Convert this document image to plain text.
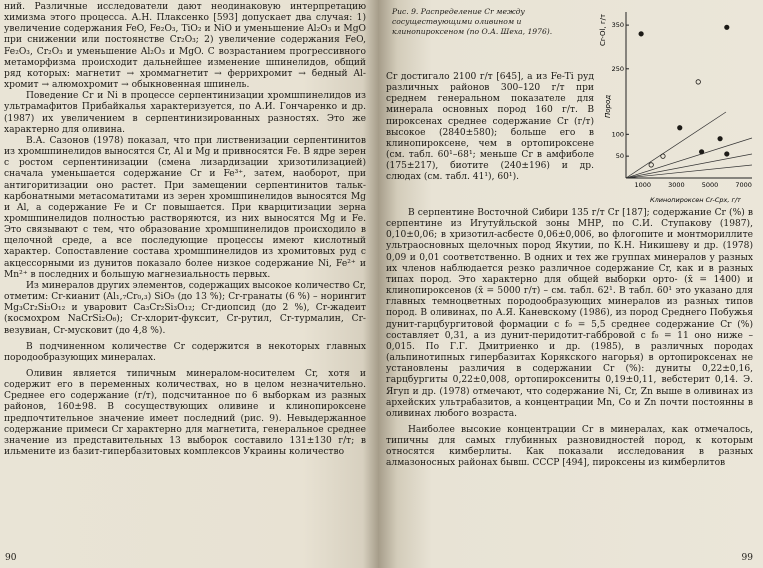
ний. Различные исследователи дают неодинаковую интерпретацию химизма этого процесса. А.Н. Плаксенко [593] допускает два случая: 1) увеличение содержания FeO, Fe₂O₃, TiO₂ и NiO и уменьшение Al₂O₃ и MgO при снижении или постоянстве Cr₂O₃; 2) увеличение содержания FeO, Fe₂O₃, Cr₂O₃ и уменьшение Al₂O₃ и MgO. С возрастанием прогрессивного метаморфизма происходит дальнейшее изменение шпинелидов, общий ряд которых: магнетит → хроммагнетит → феррихромит → бедный Al-хромит → алюмохромит → обыкновенная шпинель.

Поведение Cr и Ni в процессе серпентинизации хромшпинелидов из ультрамафитов Прибайкалья характеризуется, по А.И. Гончаренко и др. (1987) их увеличением в серпентинизированных разностях. Это же характерно для оливина.

В.А. Сазонов (1978) показал, что при лиственизации серпентинитов из хромшпинелидов выносятся Cr, Al и Mg и привносятся Fe. В ядре зерен с ростом серпентинизации (смена лизардизации хризотилизацией) сначала уменьшается содержание Cr и Fe³⁺, затем, наоборот, при антигоритизации оно растет. При замещении серпентинитов тальк-карбонатными метасоматитами из зерен хромшпинелидов выносятся Mg и Al, а содержание Fe и Cr повышается. При кварцитизации зерна хромшпинелидов полностью растворяются, из них выносятся Mg и Fe. Это связывают с тем, что образование хромшпинелидов происходило в щелочной среде, а все последующие процессы имеют кислотный характер. Сопоставление состава хромшпинелидов из хромитовых руд с акцессорными из дунитов показало более низкое содержание Ni, Fe²⁺ и Mn²⁺ в последних и большую магнезиальность первых.

Из минералов других элементов, содержащих высокое количество Cr, отметим: Cr-кианит (Al₁,₇Cr₀,₃) SiO₅ (до 13 %); Cr-гранаты (6 %) – норингит Mg₃Cr₂Si₃O₁₂ и уваровит Ca₃Cr₂Si₃O₁₂; Cr-диопсид (до 2 %), Cr-жадеит (космохром NaCrSi₂O₆); Cr-хлорит-фуксит, Cr-рутил, Cr-турмалин, Cr-везувиан, Cr-мусковит (до 4,8 %).

В подчиненном количестве Cr содержится в некоторых главных породообразующих минералах.

Оливин является типичным минералом-носителем Cr, хотя и содержит его в переменных количествах, но в целом незначительно. Среднее его содержание (г/т), подсчитанное по 6 выборкам из разных районов, 160±98. В сосуществующих оливине и клинопироксене предпочтительное значение имеет последний (рис. 9). Невыдержанное содержание примеси Cr характерно для магнетита, генеральное среднее значение из представительных 13 выборок составило 131±130 г/т; в ильмените из базит-гипербазитовых комплексов Украины количество

90
Рис. 9. Распределение Cr между сосуществующими оливином и клинопироксеном (по О.А. Шеха, 1976).
Cr достигало 2100 г/т [645], а из Fe-Ti руд различных районов 300–120 г/т при среднем генеральном показателе для минерала основных пород 160 г/т. В пироксенах среднее содержание Cr (г/т) высокое (2840±580); больше его в клинопироксене, чем в ортопироксене (см. табл. 60¹–68¹; меньше Cr в амфиболе (175±217), биотите (240±196) и др. слюдах (см. табл. 41¹), 60¹).
Cr-Ol, г/т
Пород
Клинопироксен Cr-Cpx, г/т
350
250
100
50
1000	3000	5000	7000

В серпентине Восточной Сибири 135 г/т Cr [187]; содержание Cr (%) в серпентине из Игутуйльской зоны МНР, по С.И. Ступакову (1987), 0,10±0,06; в хризотил-асбесте 0,06±0,006, во флогопите и монтмориллите ультраосновных щелочных пород Якутии, по К.Н. Никишеву и др. (1978) 0,09 и 0,01 соответственно. В одних и тех же группах минералов у разных их членов наблюдается резко различное содержание Cr, как и в разных типах пород. Это характерно для общей выборки орто- (x̄ = 1400) и клинопироксенов (x̄ = 5000 г/т) – см. табл. 62¹. В табл. 60¹ это указано для главных темноцветных породообразующих минералов из разных типов пород. В оливинах, по А.Я. Каневскому (1986), из пород Среднего Побужья дунит-гарцбургитовой формации с f₀ = 5,5 среднее содержание Cr (%) составляет 0,31, а из дунит-перидотит-габбровой с f₀ = 11 оно ниже – 0,015. По Г.Г. Дмитриенко и др. (1985), в различных породах (альпинотипных гипербазитах Корякского нагорья) в ортопироксенах не установлены различия в содержании Cr (%): дуниты 0,22±0,16, гарцбургиты 0,22±0,008, ортопироксениты 0,19±0,11, вебстерит 0,14. Э. Ягуп и др. (1978) отмечают, что содержание Ni, Cr, Zn выше в оливинах из архейских ультрабазитов, а концентрации Mn, Co и Zn почти постоянны в оливинах любого возраста.

Наиболее высокие концентрации Cr в минералах, как отмечалось, типичны для самых глубинных разновидностей пород, к которым относятся кимберлиты. Как показали исследования в разных алмазоносных районах бывш. СССР [494], пироксены из кимберлитов

99
